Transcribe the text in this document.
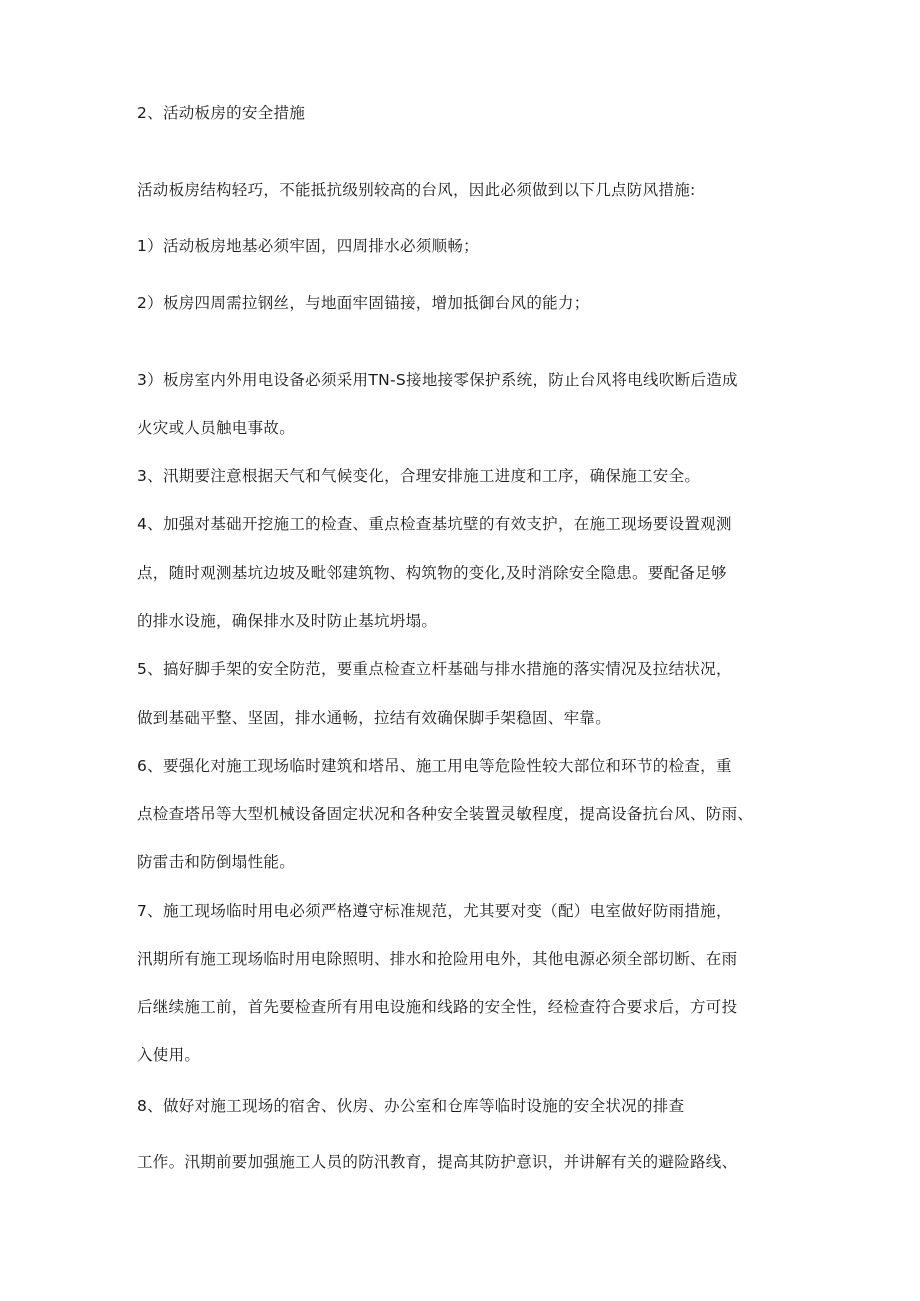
2、活动板房的安全措施
活动板房结构轻巧，不能抵抗级别较高的台风，因此必须做到以下几点防风措施:
1）活动板房地基必须牢固，四周排水必须顺畅；
2）板房四周需拉钢丝，与地面牢固锚接，增加抵御台风的能力；
3）板房室内外用电设备必须采用TN-S接地接零保护系统，防止台风将电线吹断后造成
火灾或人员触电事故。
3、汛期要注意根据天气和气候变化，合理安排施工进度和工序，确保施工安全。
4、加强对基础开挖施工的检查、重点检查基坑壁的有效支护，在施工现场要设置观测
点，随时观测基坑边坡及毗邻建筑物、构筑物的变化,及时消除安全隐患。要配备足够
的排水设施，确保排水及时防止基坑坍塌。
5、搞好脚手架的安全防范，要重点检查立杆基础与排水措施的落实情况及拉结状况，
做到基础平整、坚固，排水通畅，拉结有效确保脚手架稳固、牢靠。
6、要强化对施工现场临时建筑和塔吊、施工用电等危险性较大部位和环节的检查，重
点检查塔吊等大型机械设备固定状况和各种安全装置灵敏程度，提高设备抗台风、防雨、
防雷击和防倒塌性能。
7、施工现场临时用电必须严格遵守标准规范，尤其要对变（配）电室做好防雨措施，
汛期所有施工现场临时用电除照明、排水和抢险用电外，其他电源必须全部切断、在雨
后继续施工前，首先要检查所有用电设施和线路的安全性，经检查符合要求后，方可投
入使用。
8、做好对施工现场的宿舍、伙房、办公室和仓库等临时设施的安全状况的排查
工作。汛期前要加强施工人员的防汛教育，提高其防护意识，并讲解有关的避险路线、
